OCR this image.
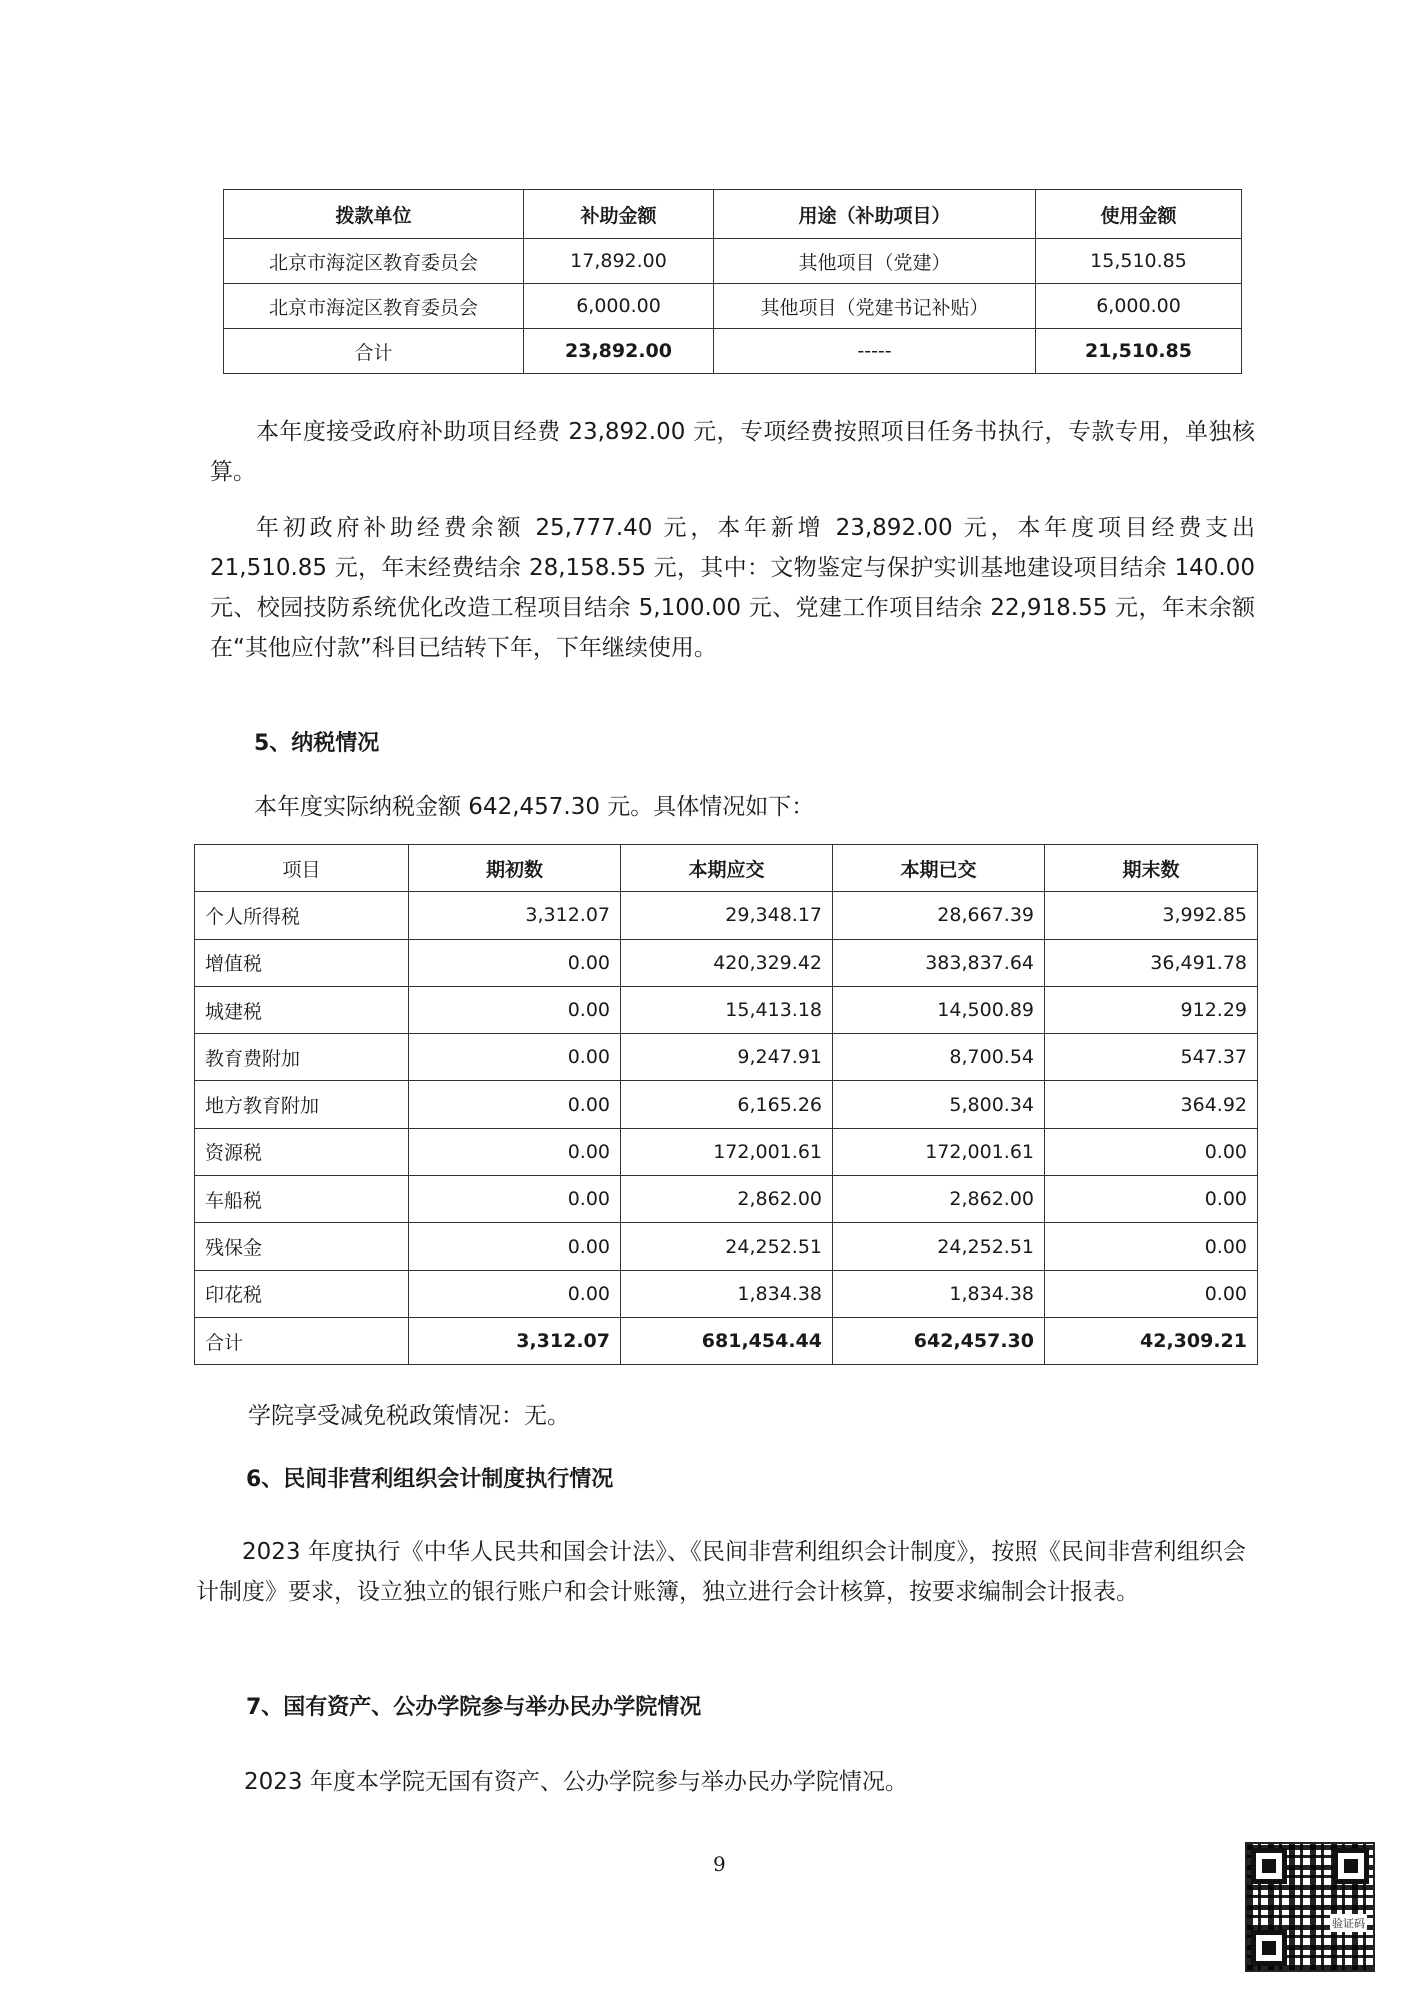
拨款单位	补助金额	用途（补助项目）	使用金额
北京市海淀区教育委员会	17,892.00	其他项目（党建）	15,510.85
北京市海淀区教育委员会	6,000.00	其他项目（党建书记补贴）	6,000.00
合计	23,892.00	-----	21,510.85

本年度接受政府补助项目经费 23,892.00 元，专项经费按照项目任务书执行，专款专用，单独核算。

年初政府补助经费余额 25,777.40 元，本年新增 23,892.00 元，本年度项目经费支出 21,510.85 元，年末经费结余 28,158.55 元，其中：文物鉴定与保护实训基地建设项目结余 140.00 元、校园技防系统优化改造工程项目结余 5,100.00 元、党建工作项目结余 22,918.55 元，年末余额在“其他应付款”科目已结转下年，下年继续使用。

5、纳税情况

本年度实际纳税金额 642,457.30 元。具体情况如下：

项目	期初数	本期应交	本期已交	期末数
个人所得税	3,312.07	29,348.17	28,667.39	3,992.85
增值税	0.00	420,329.42	383,837.64	36,491.78
城建税	0.00	15,413.18	14,500.89	912.29
教育费附加	0.00	9,247.91	8,700.54	547.37
地方教育附加	0.00	6,165.26	5,800.34	364.92
资源税	0.00	172,001.61	172,001.61	0.00
车船税	0.00	2,862.00	2,862.00	0.00
残保金	0.00	24,252.51	24,252.51	0.00
印花税	0.00	1,834.38	1,834.38	0.00
合计	3,312.07	681,454.44	642,457.30	42,309.21

学院享受减免税政策情况：无。

6、民间非营利组织会计制度执行情况

2023 年度执行《中华人民共和国会计法》、《民间非营利组织会计制度》，按照《民间非营利组织会计制度》要求，设立独立的银行账户和会计账簿，独立进行会计核算，按要求编制会计报表。

7、国有资产、公办学院参与举办民办学院情况

2023 年度本学院无国有资产、公办学院参与举办民办学院情况。

9
验证码
